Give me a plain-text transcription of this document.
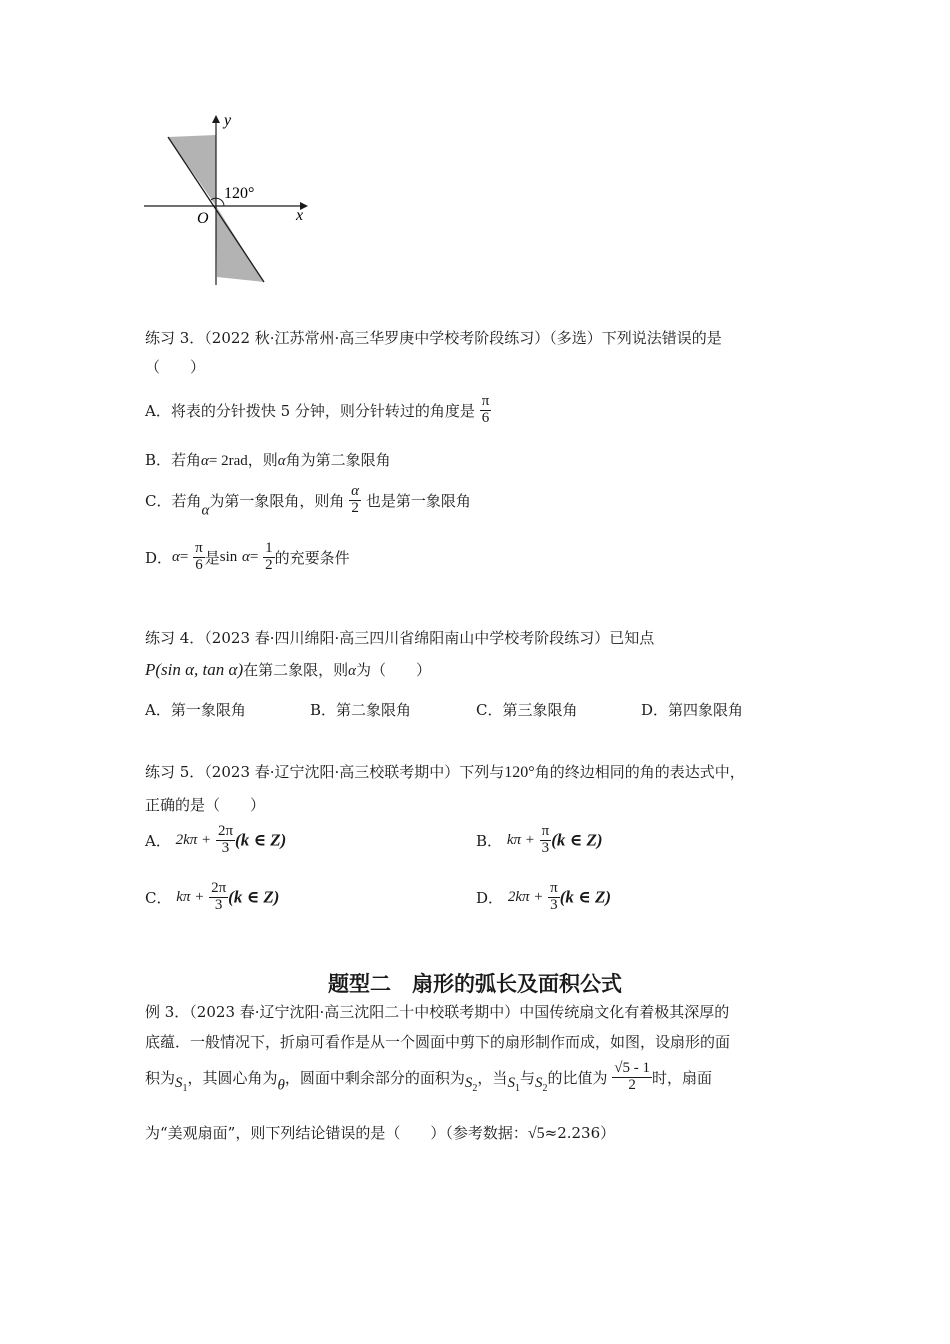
y
x
O
120°
练习 3．（2022 秋·江苏常州·高三华罗庚中学校考阶段练习）（多选）下列说法错误的是
（　　）
A．将表的分针拨快 5 分钟，则分针转过的角度是 $\frac{\pi}{6}$
B．若角α= 2rad，则α角为第二象限角
C．若角α为第一象限角，则角 $\frac{\alpha}{2}$ 也是第一象限角
D．$\alpha= \frac{\pi}{6}$ 是$\sin \alpha= \frac{1}{2}$ 的充要条件
练习 4．（2023 春·四川绵阳·高三四川省绵阳南山中学校考阶段练习）已知点
P(sin α, tan α)在第二象限，则α为（　　）
A．第一象限角	B．第二象限角	C．第三象限角	D．第四象限角
练习 5．（2023 春·辽宁沈阳·高三校联考期中）下列与120°角的终边相同的角的表达式中，
正确的是（　　）
A． $2k\pi + \frac{2\pi}{3} (k$ ∈ Z)	B． $k\pi + \frac{\pi}{3} (k$ ∈ Z)
C． $k\pi + \frac{2\pi}{3} (k$ ∈ Z)	D． $2k\pi + \frac{\pi}{3} (k$ ∈ Z)
题型二　扇形的弧长及面积公式
例 3．（2023 春·辽宁沈阳·高三沈阳二十中校联考期中）中国传统扇文化有着极其深厚的
底蕴．一般情况下，折扇可看作是从一个圆面中剪下的扇形制作而成，如图，设扇形的面
积为$S_1$，其圆心角为θ，圆面中剩余部分的面积为$S_2$，当$S_1$与$S_2$的比值为 $\frac{√5 - 1}{2}$ 时，扇面
为“美观扇面”，则下列结论错误的是（　　）（参考数据：√5≈2.236）
